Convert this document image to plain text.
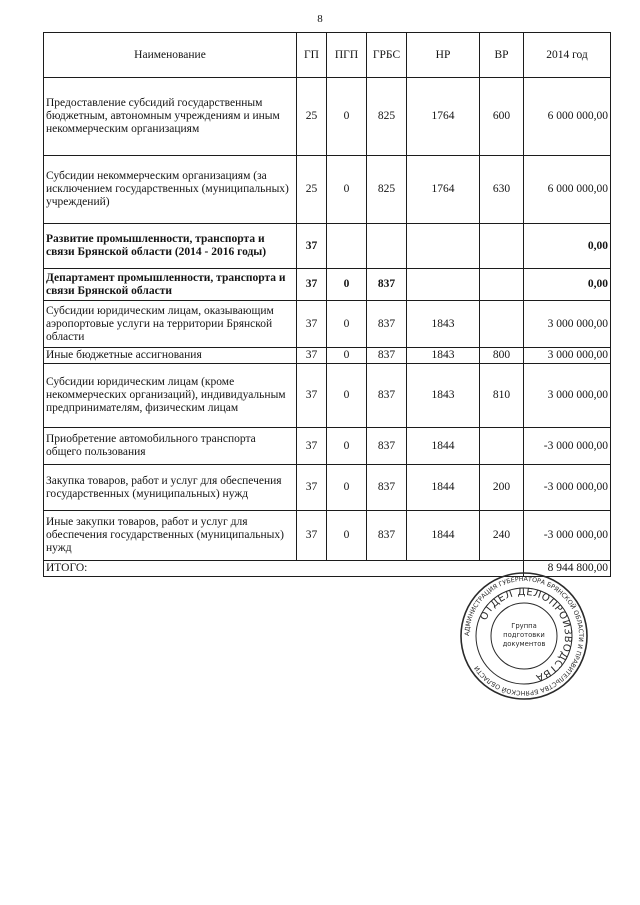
8
Наименование	ГП	ПГП	ГРБС	НР	ВР	2014 год
Предоставление субсидий государственным бюджетным, автономным учреждениям и иным некоммерческим организациям	25	0	825	1764	600	6 000 000,00
Субсидии некоммерческим организациям (за исключением государственных (муниципальных) учреждений)	25	0	825	1764	630	6 000 000,00
Развитие промышленности, транспорта и связи Брянской области (2014 - 2016 годы)	37					0,00
Департамент промышленности, транспорта и связи Брянской области	37	0	837			0,00
Субсидии юридическим лицам, оказывающим аэропортовые услуги на территории Брянской области	37	0	837	1843		3 000 000,00
Иные бюджетные ассигнования	37	0	837	1843	800	3 000 000,00
Субсидии юридическим лицам (кроме некоммерческих организаций), индивидуальным предпринимателям, физическим лицам	37	0	837	1843	810	3 000 000,00
Приобретение автомобильного транспорта общего пользования	37	0	837	1844		-3 000 000,00
Закупка товаров, работ и услуг для обеспечения государственных (муниципальных) нужд	37	0	837	1844	200	-3 000 000,00
Иные закупки товаров, работ и услуг для обеспечения государственных (муниципальных) нужд	37	0	837	1844	240	-3 000 000,00
ИТОГО:						8 944 800,00
АДМИНИСТРАЦИЯ ГУБЕРНАТОРА БРЯНСКОЙ ОБЛАСТИ И ПРАВИТЕЛЬСТВА БРЯНСКОЙ ОБЛАСТИ
ОТДЕЛ ДЕЛОПРОИЗВОДСТВА
Группа
подготовки
документов
